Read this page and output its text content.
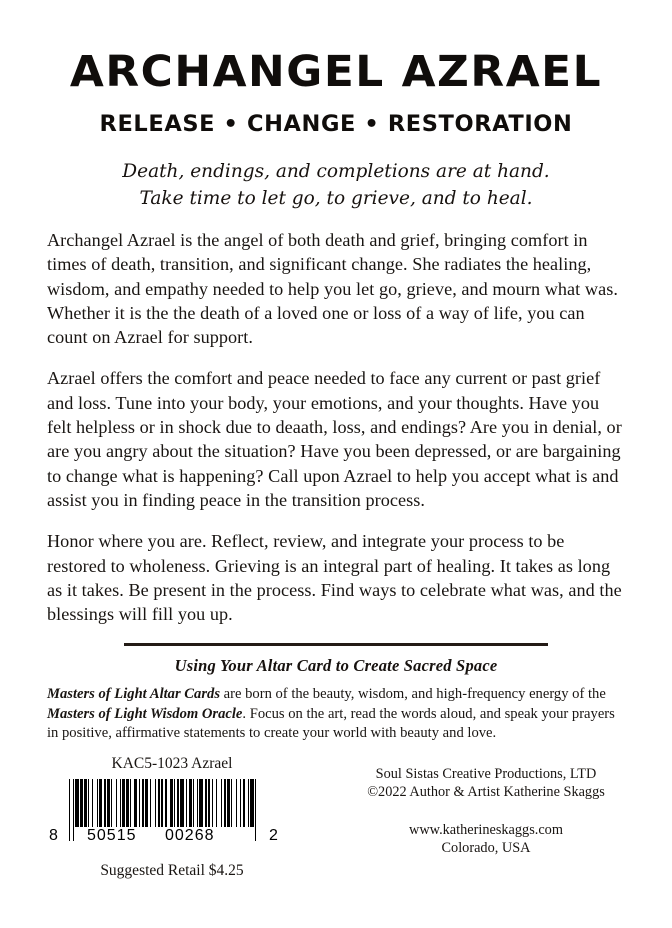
ARCHANGEL AZRAEL
RELEASE • CHANGE • RESTORATION
Death, endings, and completions are at hand.
Take time to let go, to grieve, and to heal.

Archangel Azrael is the angel of both death and grief, bringing comfort in times of death, transition, and significant change. She radiates the healing, wisdom, and empathy needed to help you let go, grieve, and mourn what was. Whether it is the the death of a loved one or loss of a way of life, you can count on Azrael for support.

Azrael offers the comfort and peace needed to face any current or past grief and loss. Tune into your body, your emotions, and your thoughts. Have you felt helpless or in shock due to deaath, loss, and endings? Are you in denial, or are you angry about the situation? Have you been depressed, or are bargaining to change what is happening? Call upon Azrael to help you accept what is and assist you in finding peace in the transition process.

Honor where you are. Reflect, review, and integrate your process to be restored to wholeness. Grieving is an integral part of healing. It takes as long as it takes. Be present in the process. Find ways to celebrate what was, and the blessings will fill you up.

Using Your Altar Card to Create Sacred Space
Masters of Light Altar Cards are born of the beauty, wisdom, and high-frequency energy of the Masters of Light Wisdom Oracle. Focus on the art, read the words aloud, and speak your prayers in positive, affirmative statements to create your world with beauty and love.
KAC5-1023 Azrael
8 50515 00268	2
Suggested Retail $4.25
Soul Sistas Creative Productions, LTD
©2022 Author & Artist Katherine Skaggs
www.katherineskaggs.com
Colorado, USA
